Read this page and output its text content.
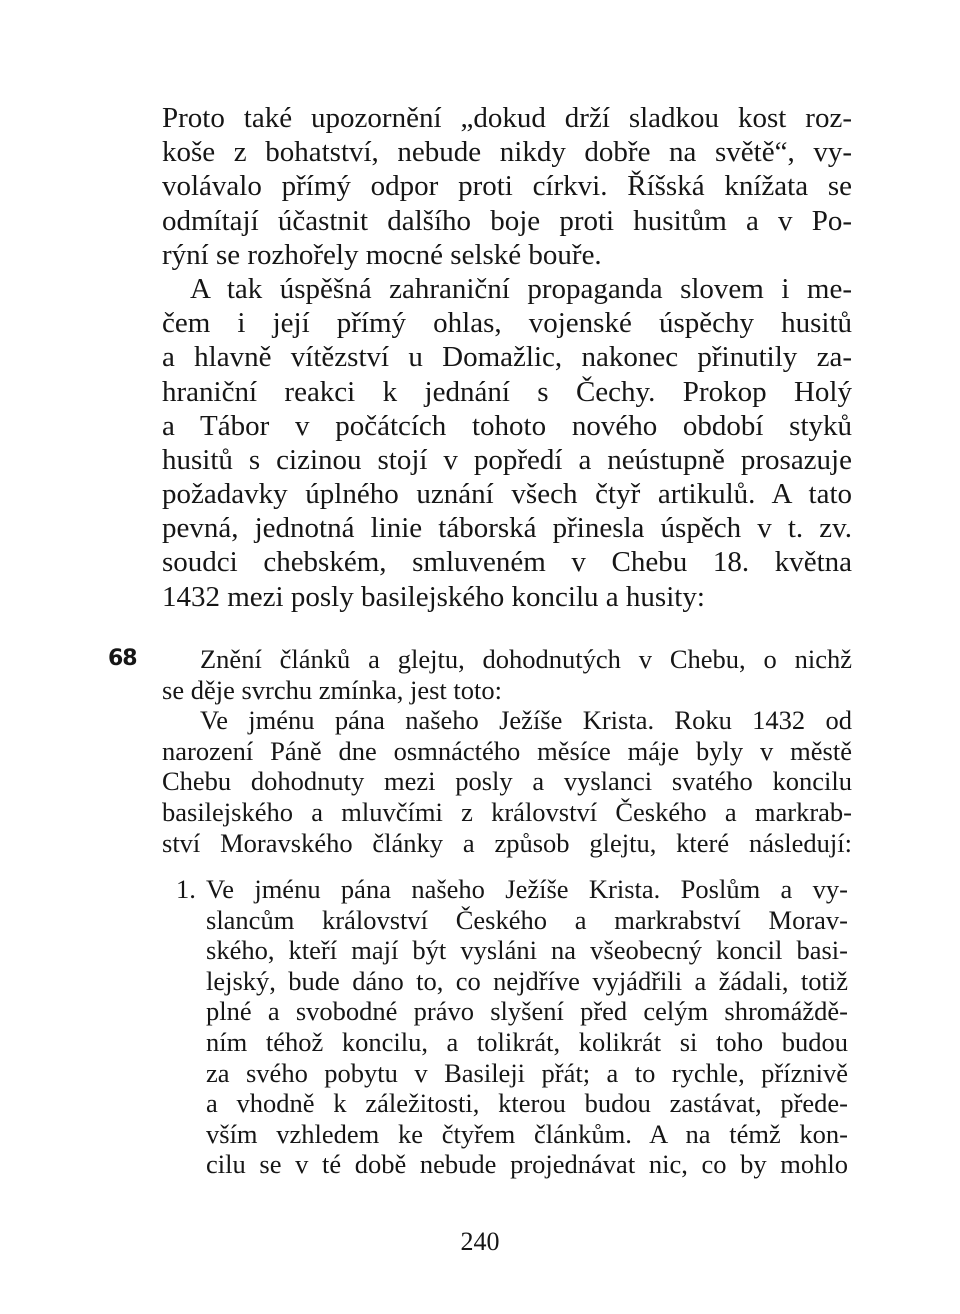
Proto také upozornění „dokud drží sladkou kost roz-
koše z bohatství, nebude nikdy dobře na světě“, vy-
volávalo přímý odpor proti církvi. Říšská knížata se
odmítají účastnit dalšího boje proti husitům a v Po-
rýní se rozhořely mocné selské bouře.
A tak úspěšná zahraniční propaganda slovem i me-
čem i její přímý ohlas, vojenské úspěchy husitů
a hlavně vítězství u Domažlic, nakonec přinutily za-
hraniční reakci k jednání s Čechy. Prokop Holý
a Tábor v počátcích tohoto nového období styků
husitů s cizinou stojí v popředí a neústupně prosazuje
požadavky úplného uznání všech čtyř artikulů. A tato
pevná, jednotná linie táborská přinesla úspěch v t. zv.
soudci chebském, smluveném v Chebu 18. května
1432 mezi posly basilejského koncilu a husity:
68	Znění článků a glejtu, dohodnutých v Chebu, o nichž
se děje svrchu zmínka, jest toto:
Ve jménu pána našeho Ježíše Krista. Roku 1432 od
narození Páně dne osmnáctého měsíce máje byly v městě
Chebu dohodnuty mezi posly a vyslanci svatého koncilu
basilejského a mluvčími z království Českého a markrab-
ství Moravského články a způsob glejtu, které následují:
1. Ve jménu pána našeho Ježíše Krista. Poslům a vy-
slancům království Českého a markrabství Morav-
ského, kteří mají být vysláni na všeobecný koncil basi-
lejský, bude dáno to, co nejdříve vyjádřili a žádali, totiž
plné a svobodné právo slyšení před celým shromáždě-
ním téhož koncilu, a tolikrát, kolikrát si toho budou
za svého pobytu v Basileji přát; a to rychle, příznivě
a vhodně k záležitosti, kterou budou zastávat, přede-
vším vzhledem ke čtyřem článkům. A na témž kon-
cilu se v té době nebude projednávat nic, co by mohlo
240
